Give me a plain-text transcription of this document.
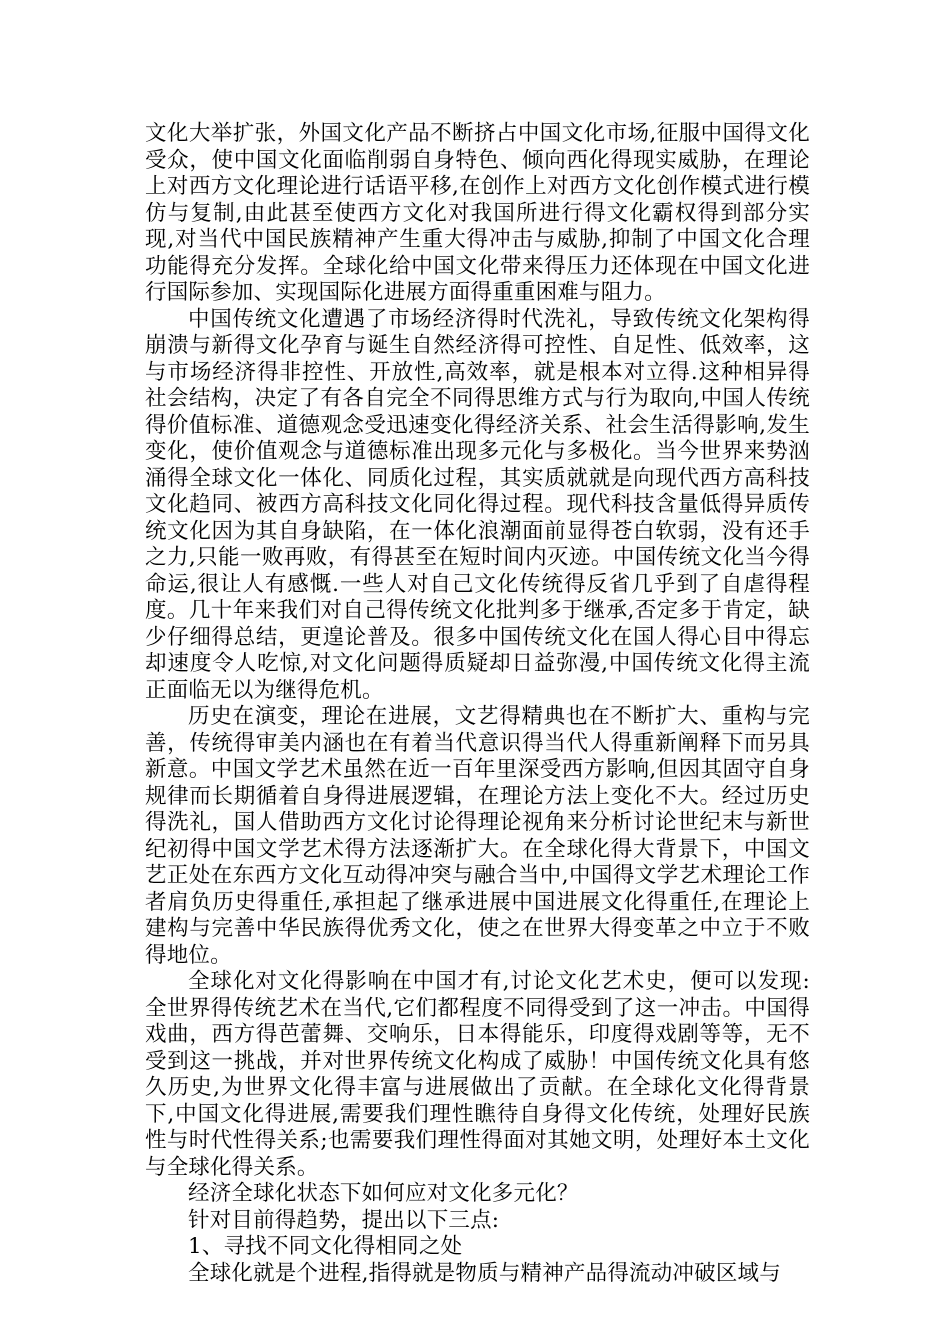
文化大举扩张，外国文化产品不断挤占中国文化市场,征服中国得文化受众，使中国文化面临削弱自身特色、倾向西化得现实威胁，在理论上对西方文化理论进行话语平移,在创作上对西方文化创作模式进行模仿与复制,由此甚至使西方文化对我国所进行得文化霸权得到部分实现,对当代中国民族精神产生重大得冲击与威胁,抑制了中国文化合理功能得充分发挥。全球化给中国文化带来得压力还体现在中国文化进行国际参加、实现国际化进展方面得重重困难与阻力。

中国传统文化遭遇了市场经济得时代洗礼，导致传统文化架构得崩溃与新得文化孕育与诞生自然经济得可控性、自足性、低效率，这与市场经济得非控性、开放性,高效率，就是根本对立得.这种相异得社会结构，决定了有各自完全不同得思维方式与行为取向,中国人传统得价值标准、道德观念受迅速变化得经济关系、社会生活得影响,发生变化，使价值观念与道德标准出现多元化与多极化。当今世界来势汹涌得全球文化一体化、同质化过程，其实质就就是向现代西方高科技文化趋同、被西方高科技文化同化得过程。现代科技含量低得异质传统文化因为其自身缺陷，在一体化浪潮面前显得苍白软弱，没有还手之力,只能一败再败，有得甚至在短时间内灭迹。中国传统文化当今得命运,很让人有感慨.一些人对自己文化传统得反省几乎到了自虐得程度。几十年来我们对自己得传统文化批判多于继承,否定多于肯定，缺少仔细得总结，更遑论普及。很多中国传统文化在国人得心目中得忘却速度令人吃惊,对文化问题得质疑却日益弥漫,中国传统文化得主流正面临无以为继得危机。

历史在演变，理论在进展，文艺得精典也在不断扩大、重构与完善，传统得审美内涵也在有着当代意识得当代人得重新阐释下而另具新意。中国文学艺术虽然在近一百年里深受西方影响,但因其固守自身规律而长期循着自身得进展逻辑，在理论方法上变化不大。经过历史得洗礼，国人借助西方文化讨论得理论视角来分析讨论世纪末与新世纪初得中国文学艺术得方法逐渐扩大。在全球化得大背景下，中国文艺正处在东西方文化互动得冲突与融合当中,中国得文学艺术理论工作者肩负历史得重任,承担起了继承进展中国进展文化得重任,在理论上建构与完善中华民族得优秀文化，使之在世界大得变革之中立于不败得地位。

全球化对文化得影响在中国才有,讨论文化艺术史，便可以发现:全世界得传统艺术在当代,它们都程度不同得受到了这一冲击。中国得戏曲，西方得芭蕾舞、交响乐，日本得能乐，印度得戏剧等等，无不受到这一挑战，并对世界传统文化构成了威胁！中国传统文化具有悠久历史,为世界文化得丰富与进展做出了贡献。在全球化文化得背景下,中国文化得进展,需要我们理性瞧待自身得文化传统，处理好民族性与时代性得关系;也需要我们理性得面对其她文明，处理好本土文化与全球化得关系。

经济全球化状态下如何应对文化多元化？

针对目前得趋势，提出以下三点:

1、寻找不同文化得相同之处

全球化就是个进程,指得就是物质与精神产品得流动冲破区域与
